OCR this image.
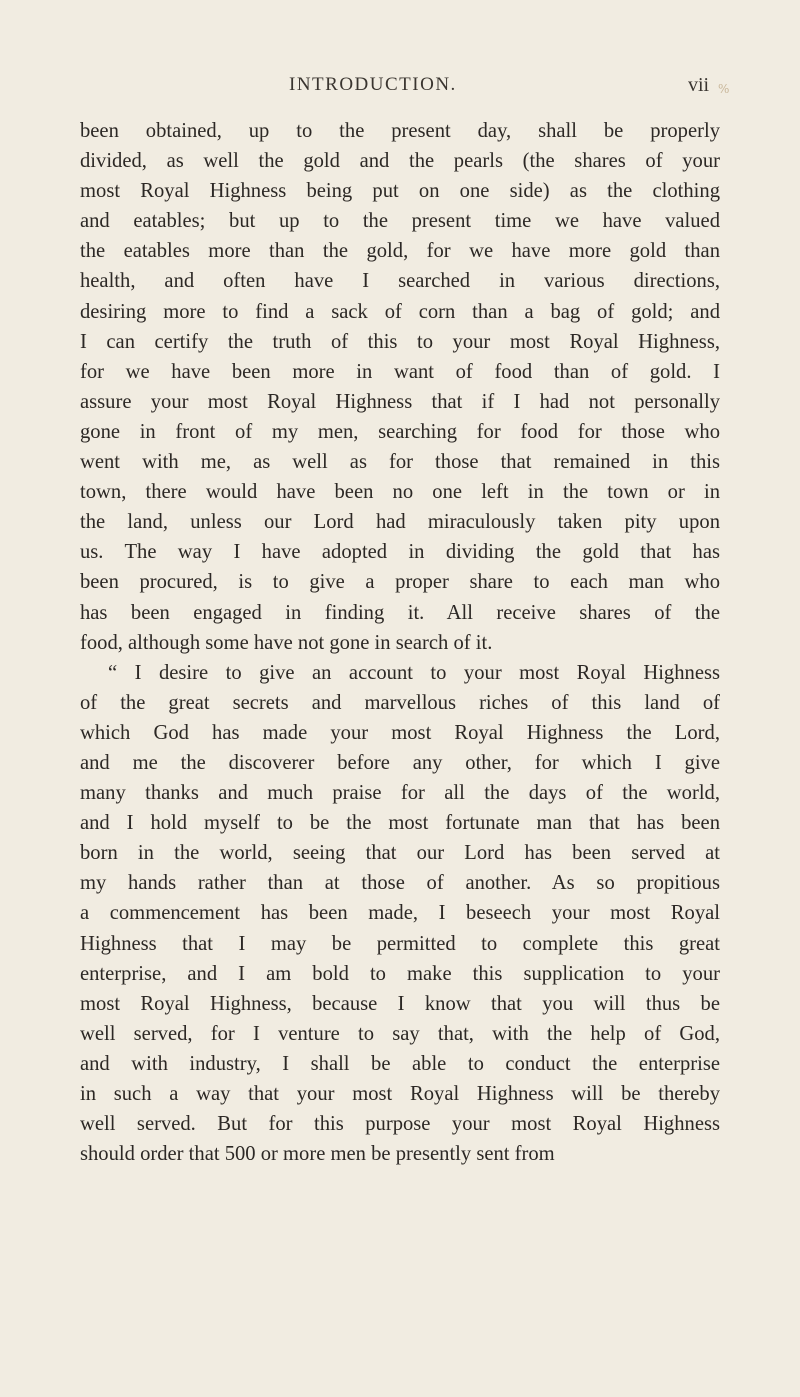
INTRODUCTION.	vii %
been obtained, up to the present day, shall be properly
divided, as well the gold and the pearls (the shares of your
most Royal Highness being put on one side) as the clothing
and eatables; but up to the present time we have valued
the eatables more than the gold, for we have more gold than
health, and often have I searched in various directions,
desiring more to find a sack of corn than a bag of gold; and
I can certify the truth of this to your most Royal Highness,
for we have been more in want of food than of gold. I
assure your most Royal Highness that if I had not personally
gone in front of my men, searching for food for those who
went with me, as well as for those that remained in this
town, there would have been no one left in the town or in
the land, unless our Lord had miraculously taken pity upon
us. The way I have adopted in dividing the gold that has
been procured, is to give a proper share to each man who
has been engaged in finding it. All receive shares of the
food, although some have not gone in search of it.
“ I desire to give an account to your most Royal Highness
of the great secrets and marvellous riches of this land of
which God has made your most Royal Highness the Lord,
and me the discoverer before any other, for which I give
many thanks and much praise for all the days of the world,
and I hold myself to be the most fortunate man that has been
born in the world, seeing that our Lord has been served at
my hands rather than at those of another. As so propitious
a commencement has been made, I beseech your most Royal
Highness that I may be permitted to complete this great
enterprise, and I am bold to make this supplication to your
most Royal Highness, because I know that you will thus be
well served, for I venture to say that, with the help of God,
and with industry, I shall be able to conduct the enterprise
in such a way that your most Royal Highness will be thereby
well served. But for this purpose your most Royal Highness
should order that 500 or more men be presently sent from
